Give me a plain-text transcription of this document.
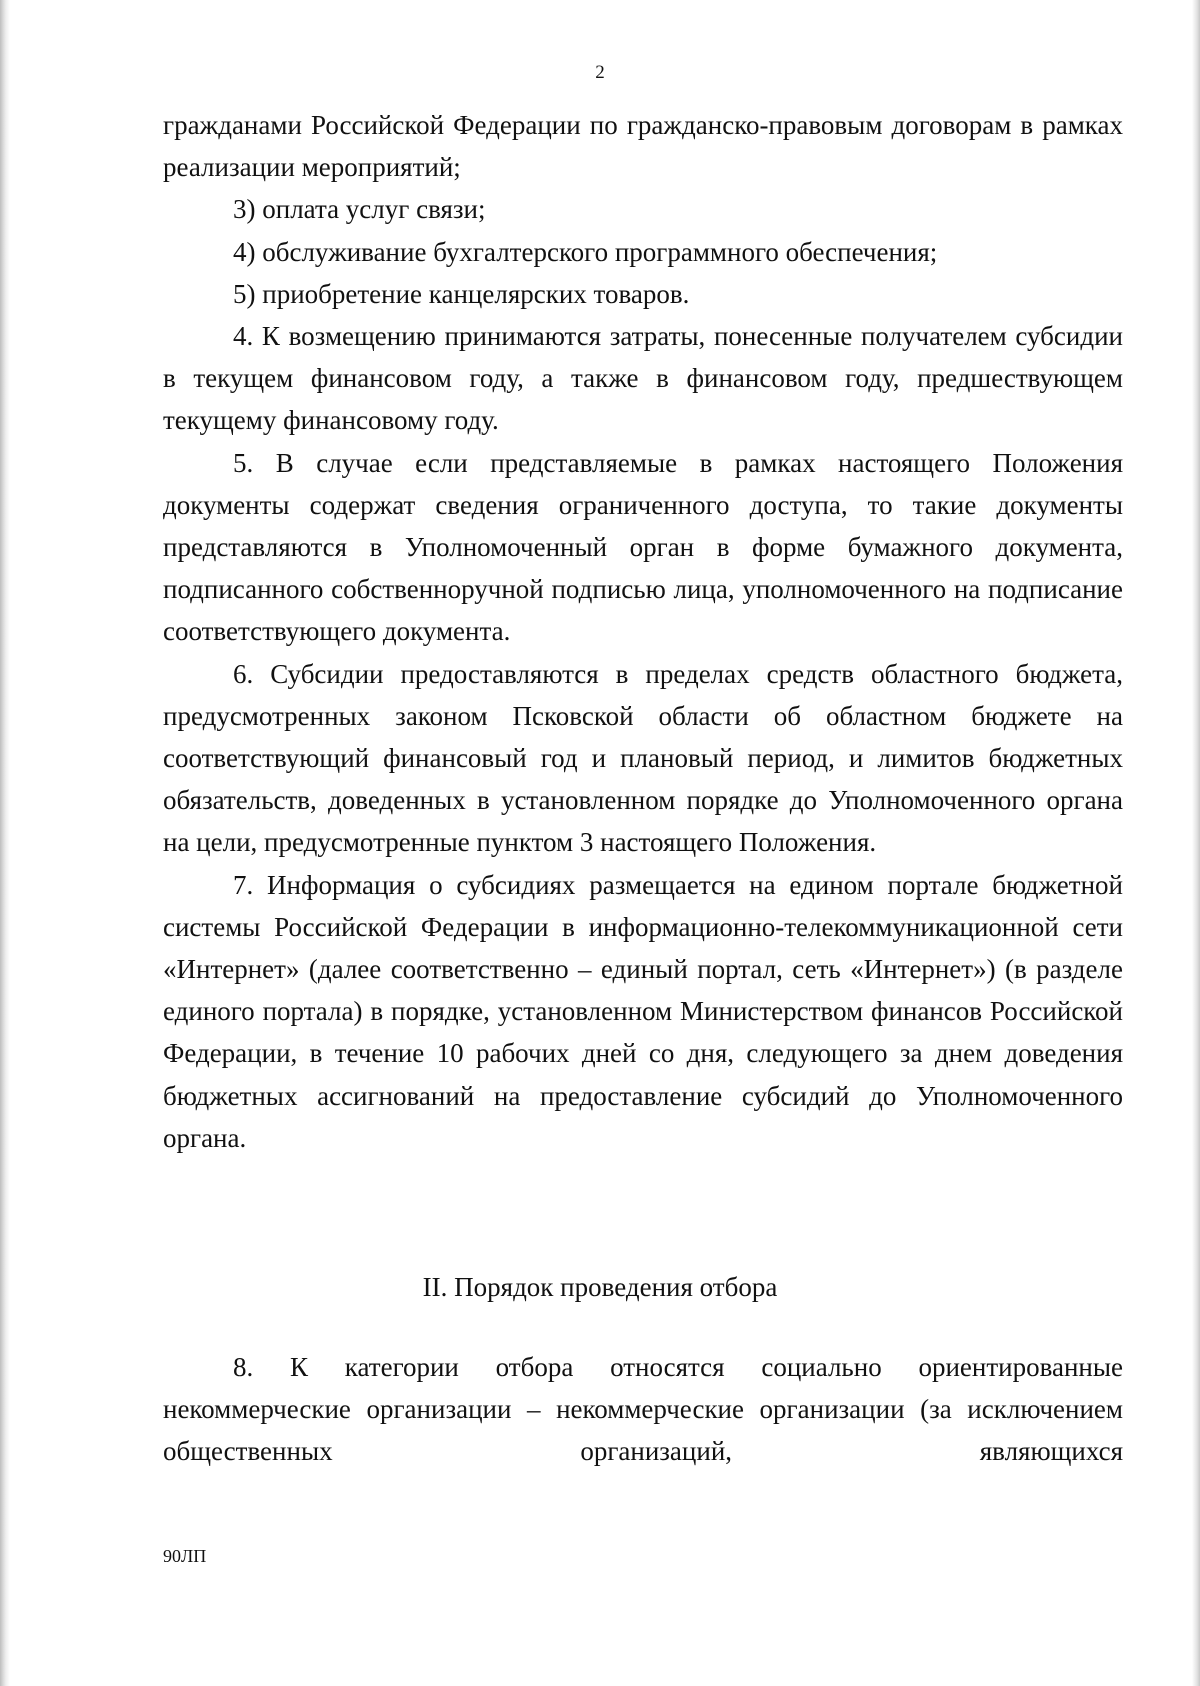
2

гражданами Российской Федерации по гражданско-правовым договорам в рамках реализации мероприятий;

3) оплата услуг связи;

4) обслуживание бухгалтерского программного обеспечения;

5) приобретение канцелярских товаров.

4. К возмещению принимаются затраты, понесенные получателем субсидии в текущем финансовом году, а также в финансовом году, предшествующем текущему финансовому году.

5. В случае если представляемые в рамках настоящего Положения документы содержат сведения ограниченного доступа, то такие документы представляются в Уполномоченный орган в форме бумажного документа, подписанного собственноручной подписью лица, уполномоченного на подписание соответствующего документа.

6. Субсидии предоставляются в пределах средств областного бюджета, предусмотренных законом Псковской области об областном бюджете на соответствующий финансовый год и плановый период, и лимитов бюджетных обязательств, доведенных в установленном порядке до Уполномоченного органа на цели, предусмотренные пунктом 3 настоящего Положения.

7. Информация о субсидиях размещается на едином портале бюджетной системы Российской Федерации в информационно-телекоммуникационной сети «Интернет» (далее соответственно – единый портал, сеть «Интернет») (в разделе единого портала) в порядке, установленном Министерством финансов Российской Федерации, в течение 10 рабочих дней со дня, следующего за днем доведения бюджетных ассигнований на предоставление субсидий до Уполномоченного органа.

II. Порядок проведения отбора

8. К категории отбора относятся социально ориентированные некоммерческие организации – некоммерческие организации (за исключением общественных организаций, являющихся

90ЛП
